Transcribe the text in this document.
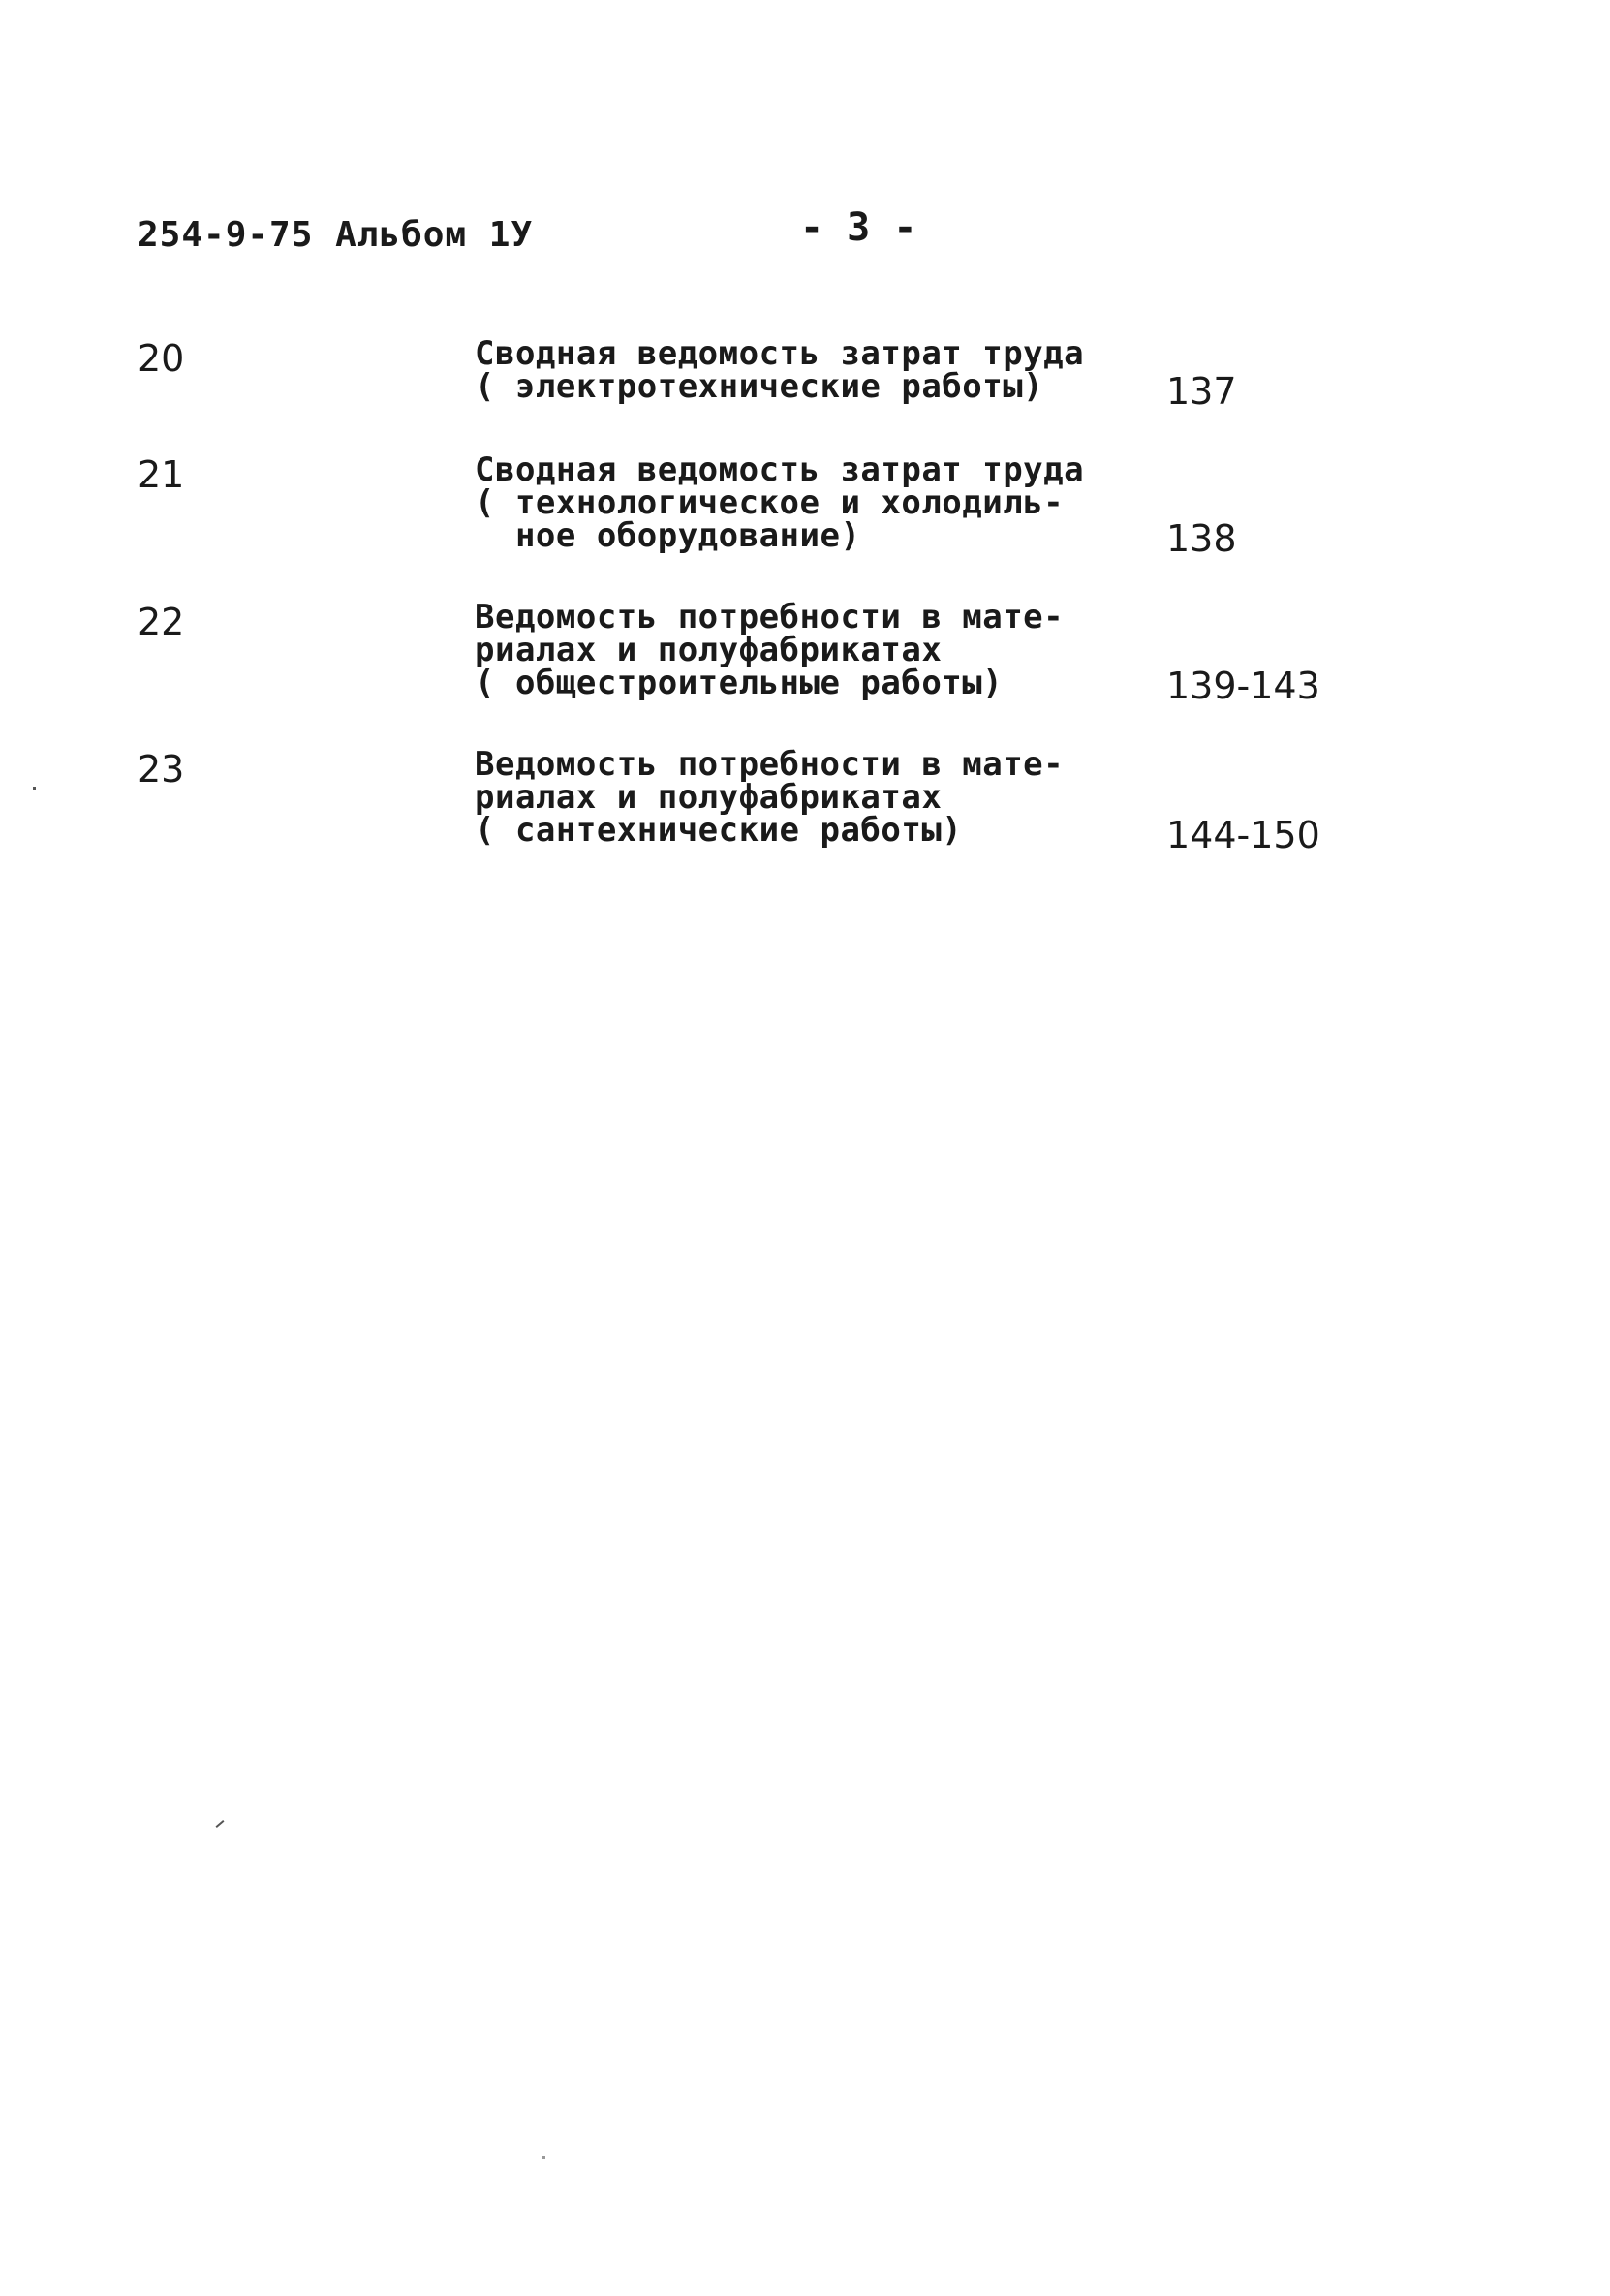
254-9-75 Альбом 1У	- 3 -
20	Сводная ведомость затрат труда
( электротехнические работы)	137
21	Сводная ведомость затрат труда
( технологическое и холодиль-
ное оборудование)	138
22	Ведомость потребности в мате-
риалах и полуфабрикатах
( общестроительные работы)	139-143
23	Ведомость потребности в мате-
риалах и полуфабрикатах
( сантехнические работы)	144-150
